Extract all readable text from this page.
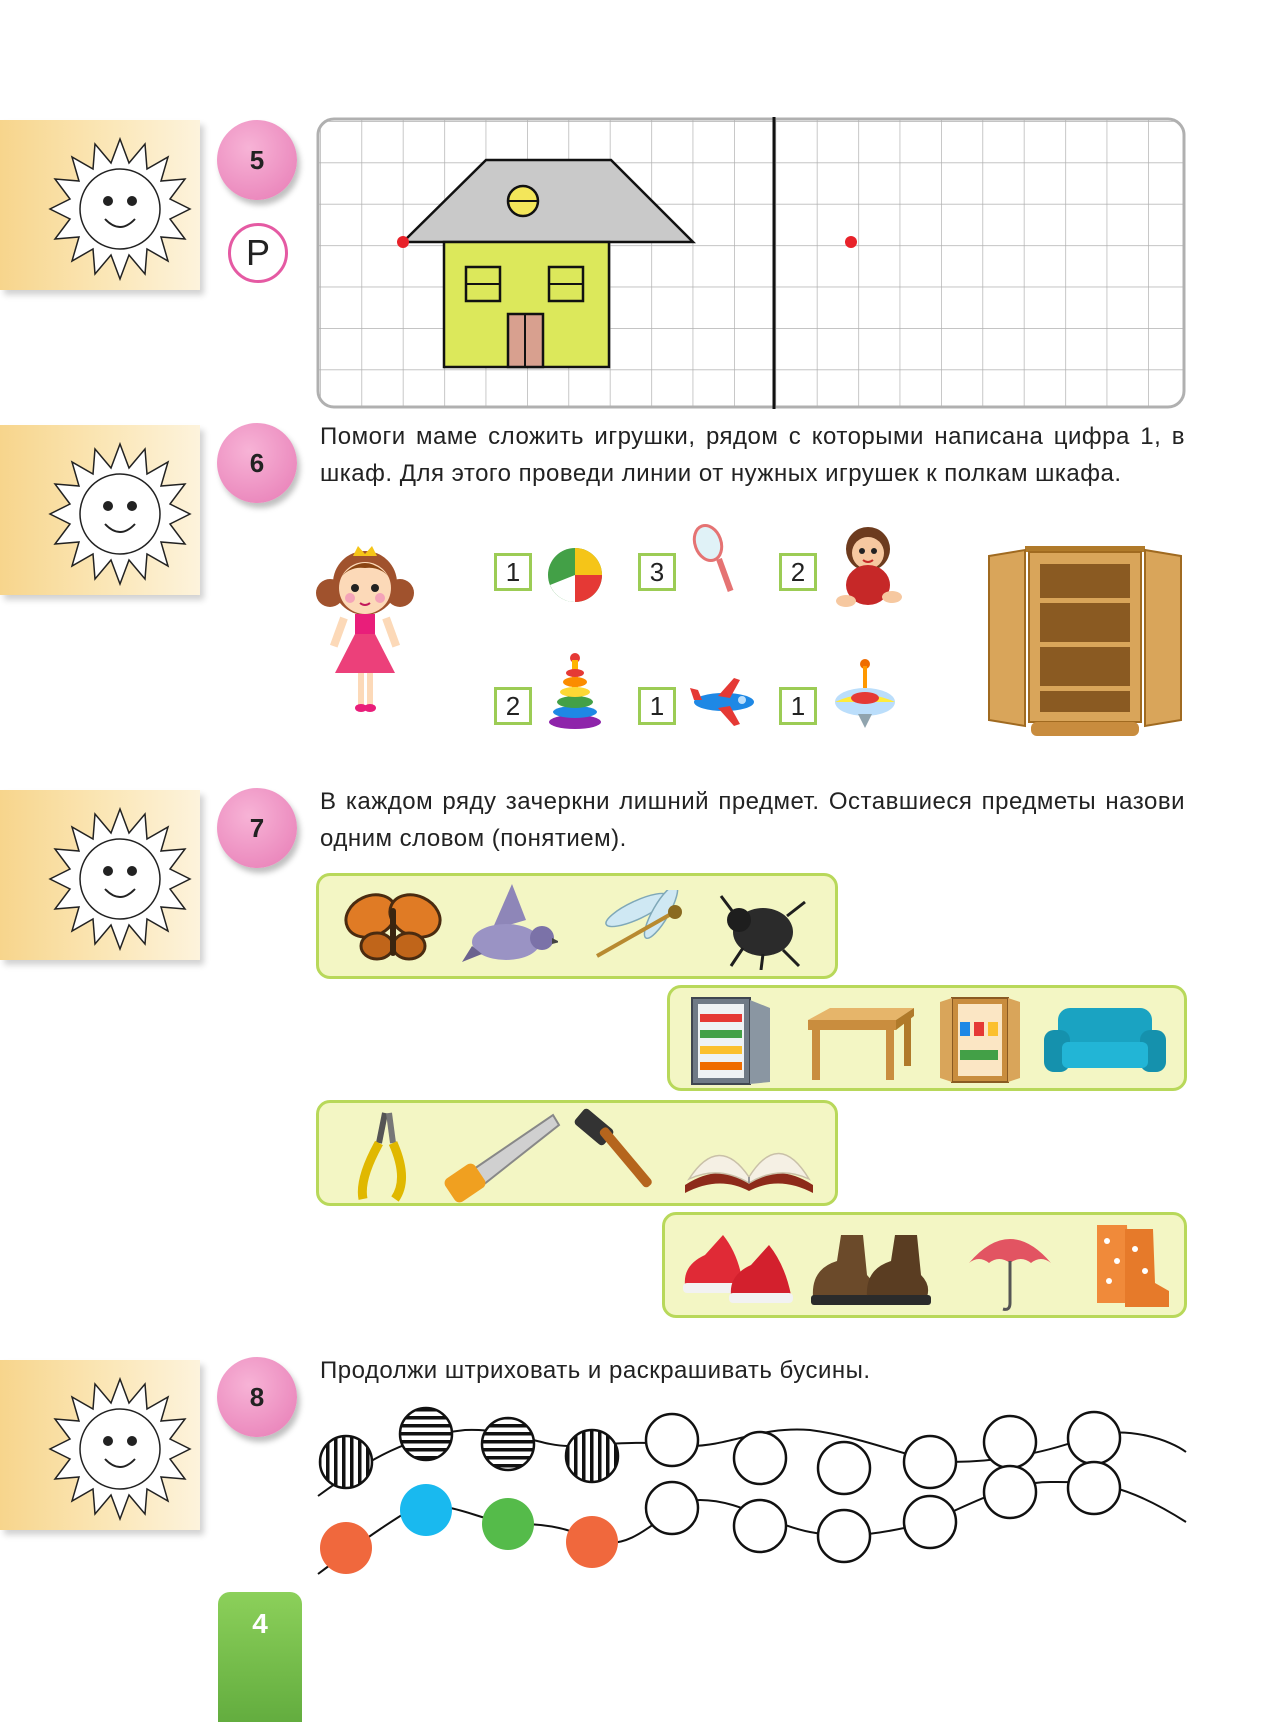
5
Р
6
Помоги маме сложить игрушки, рядом с которыми написана цифра 1, в шкаф. Для этого проведи линии от нужных игрушек к полкам шкафа.
1	3	2
2	1	1
7
В каждом ряду зачеркни лишний предмет. Оставшиеся предметы назови одним словом (понятием).
8
Продолжи штриховать и раскрашивать бусины.
4
